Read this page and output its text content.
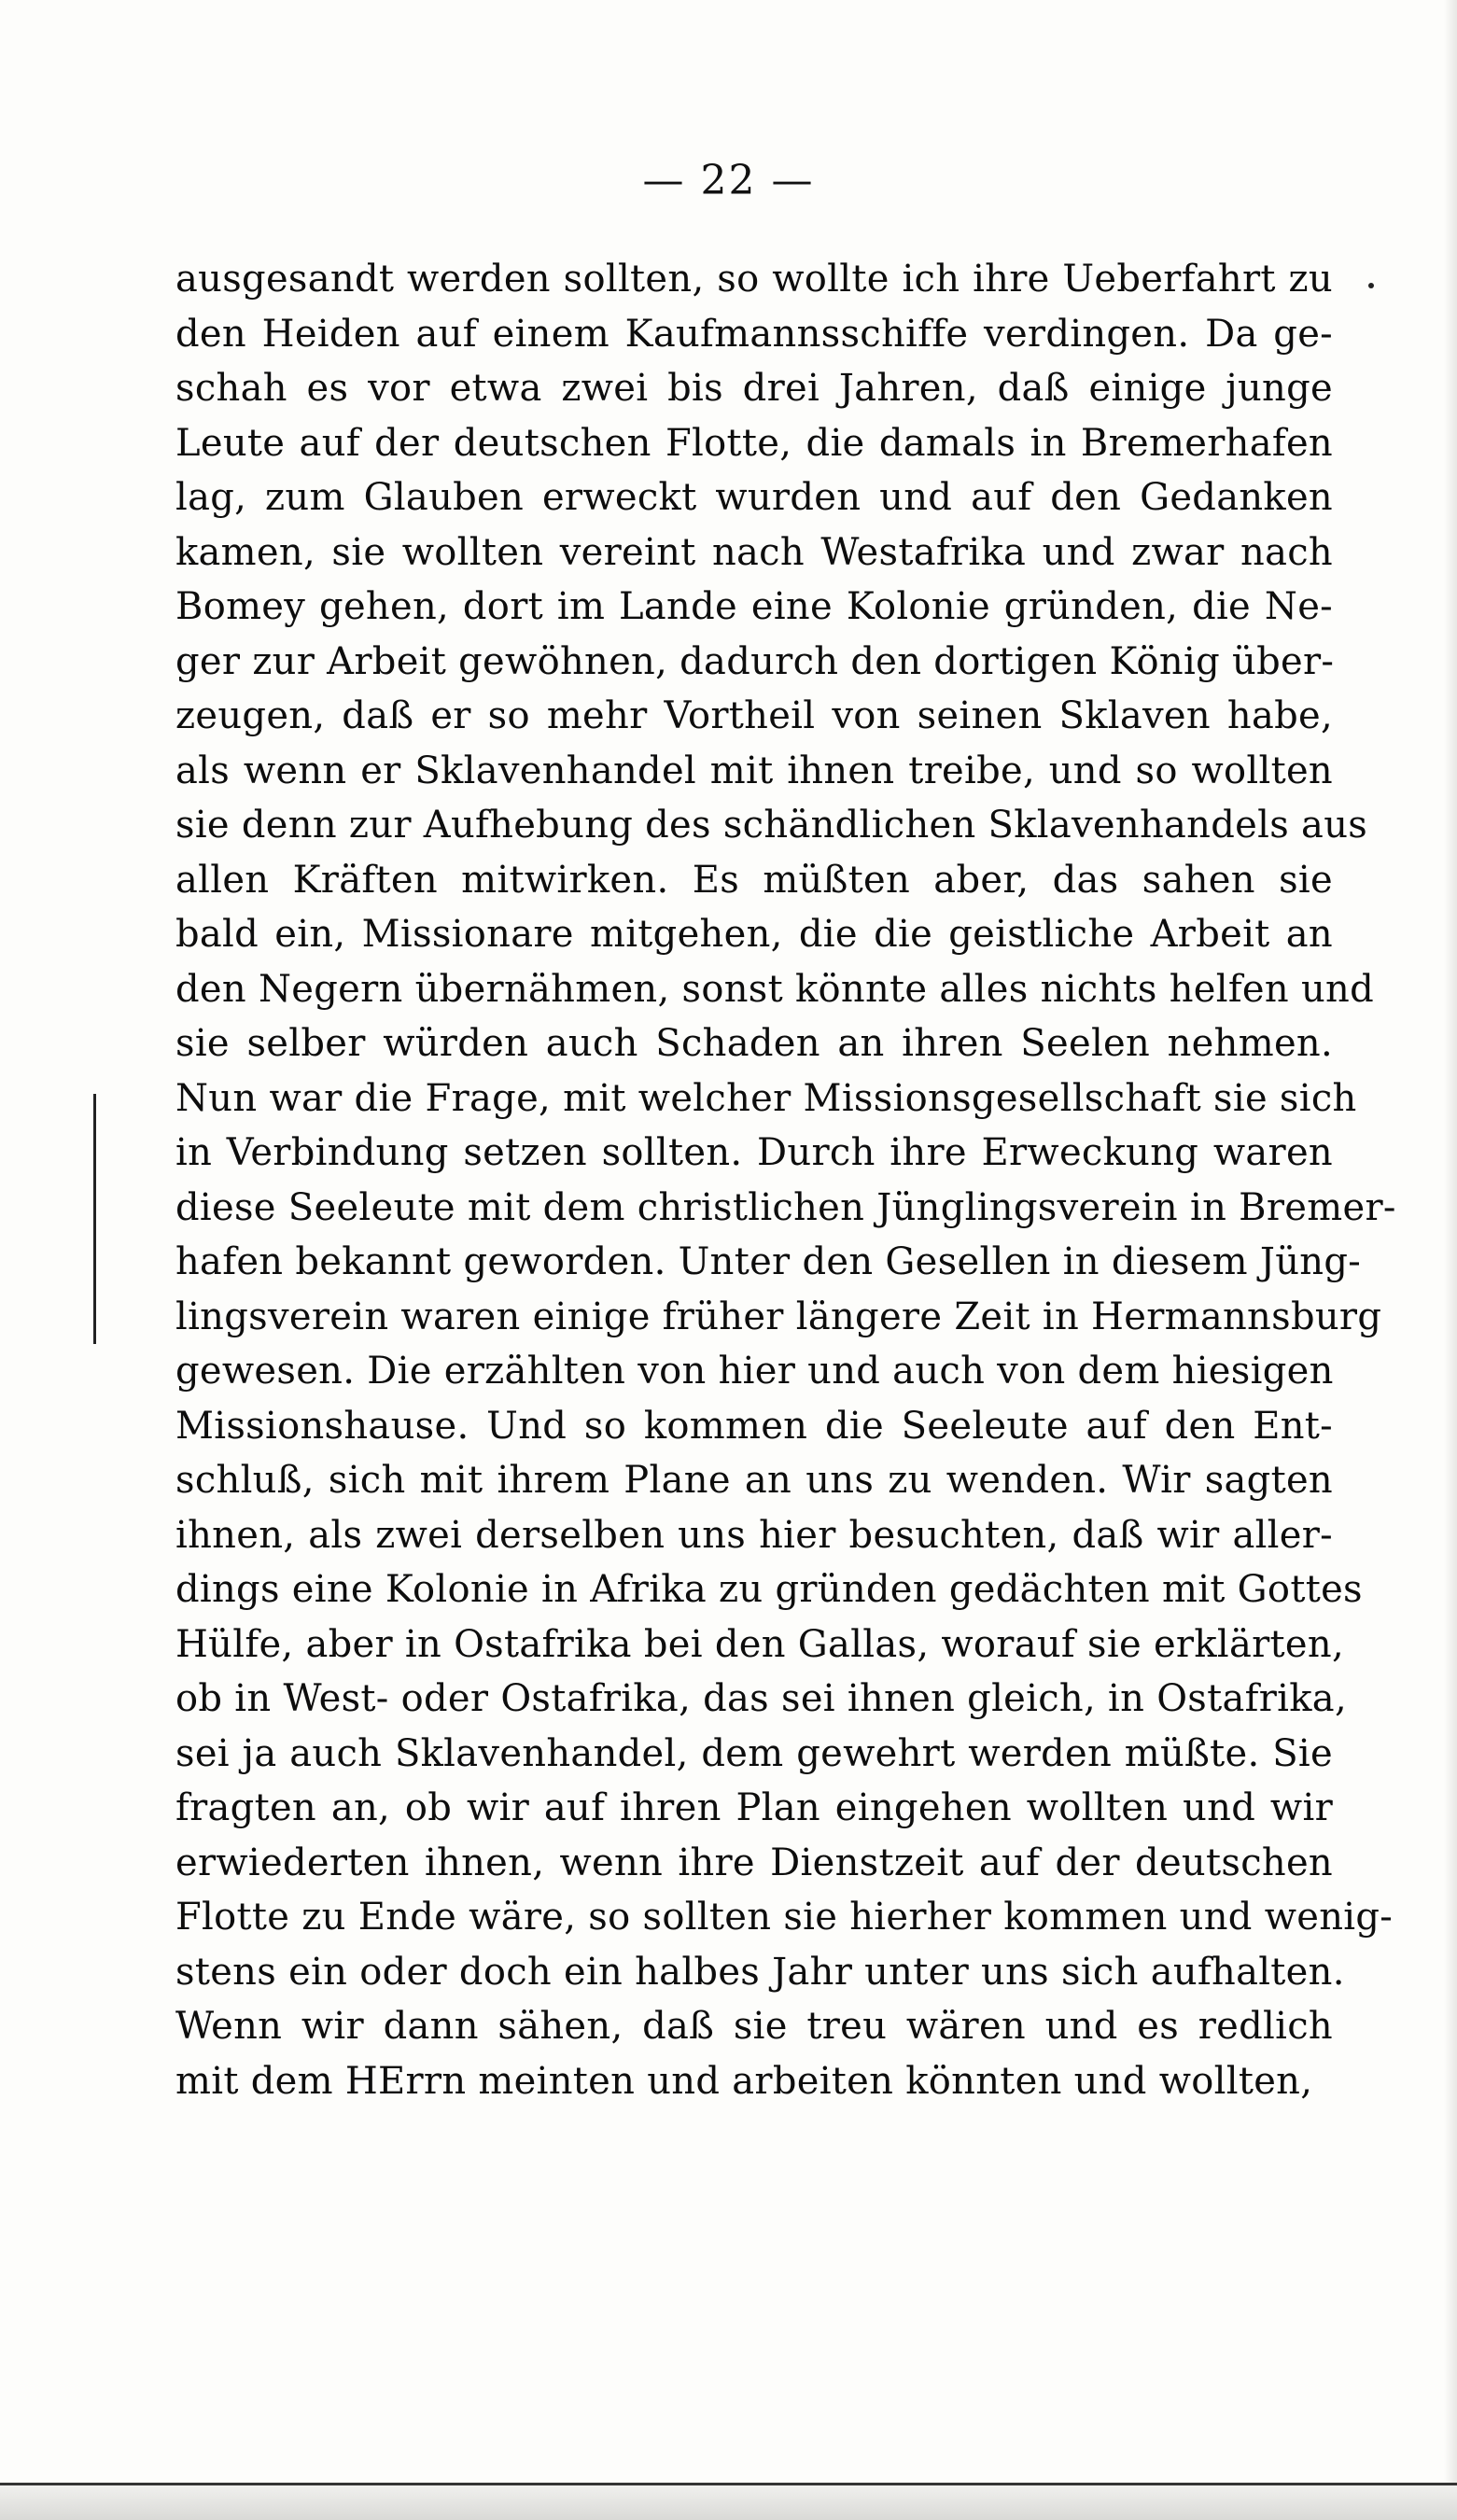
— 22 —
ausgesandt werden sollten, so wollte ich ihre Ueberfahrt zu
den Heiden auf einem Kaufmannsschiffe verdingen. Da ge-
schah es vor etwa zwei bis drei Jahren, daß einige junge
Leute auf der deutschen Flotte, die damals in Bremerhafen
lag, zum Glauben erweckt wurden und auf den Gedanken
kamen, sie wollten vereint nach Westafrika und zwar nach
Bomey gehen, dort im Lande eine Kolonie gründen, die Ne-
ger zur Arbeit gewöhnen, dadurch den dortigen König über-
zeugen, daß er so mehr Vortheil von seinen Sklaven habe,
als wenn er Sklavenhandel mit ihnen treibe, und so wollten
sie denn zur Aufhebung des schändlichen Sklavenhandels aus
allen Kräften mitwirken. Es müßten aber, das sahen sie
bald ein, Missionare mitgehen, die die geistliche Arbeit an
den Negern übernähmen, sonst könnte alles nichts helfen und
sie selber würden auch Schaden an ihren Seelen nehmen.
Nun war die Frage, mit welcher Missionsgesellschaft sie sich
in Verbindung setzen sollten. Durch ihre Erweckung waren
diese Seeleute mit dem christlichen Jünglingsverein in Bremer-
hafen bekannt geworden. Unter den Gesellen in diesem Jüng-
lingsverein waren einige früher längere Zeit in Hermannsburg
gewesen. Die erzählten von hier und auch von dem hiesigen
Missionshause. Und so kommen die Seeleute auf den Ent-
schluß, sich mit ihrem Plane an uns zu wenden. Wir sagten
ihnen, als zwei derselben uns hier besuchten, daß wir aller-
dings eine Kolonie in Afrika zu gründen gedächten mit Gottes
Hülfe, aber in Ostafrika bei den Gallas, worauf sie erklärten,
ob in West- oder Ostafrika, das sei ihnen gleich, in Ostafrika,
sei ja auch Sklavenhandel, dem gewehrt werden müßte. Sie
fragten an, ob wir auf ihren Plan eingehen wollten und wir
erwiederten ihnen, wenn ihre Dienstzeit auf der deutschen
Flotte zu Ende wäre, so sollten sie hierher kommen und wenig-
stens ein oder doch ein halbes Jahr unter uns sich aufhalten.
Wenn wir dann sähen, daß sie treu wären und es redlich
mit dem HErrn meinten und arbeiten könnten und wollten,
